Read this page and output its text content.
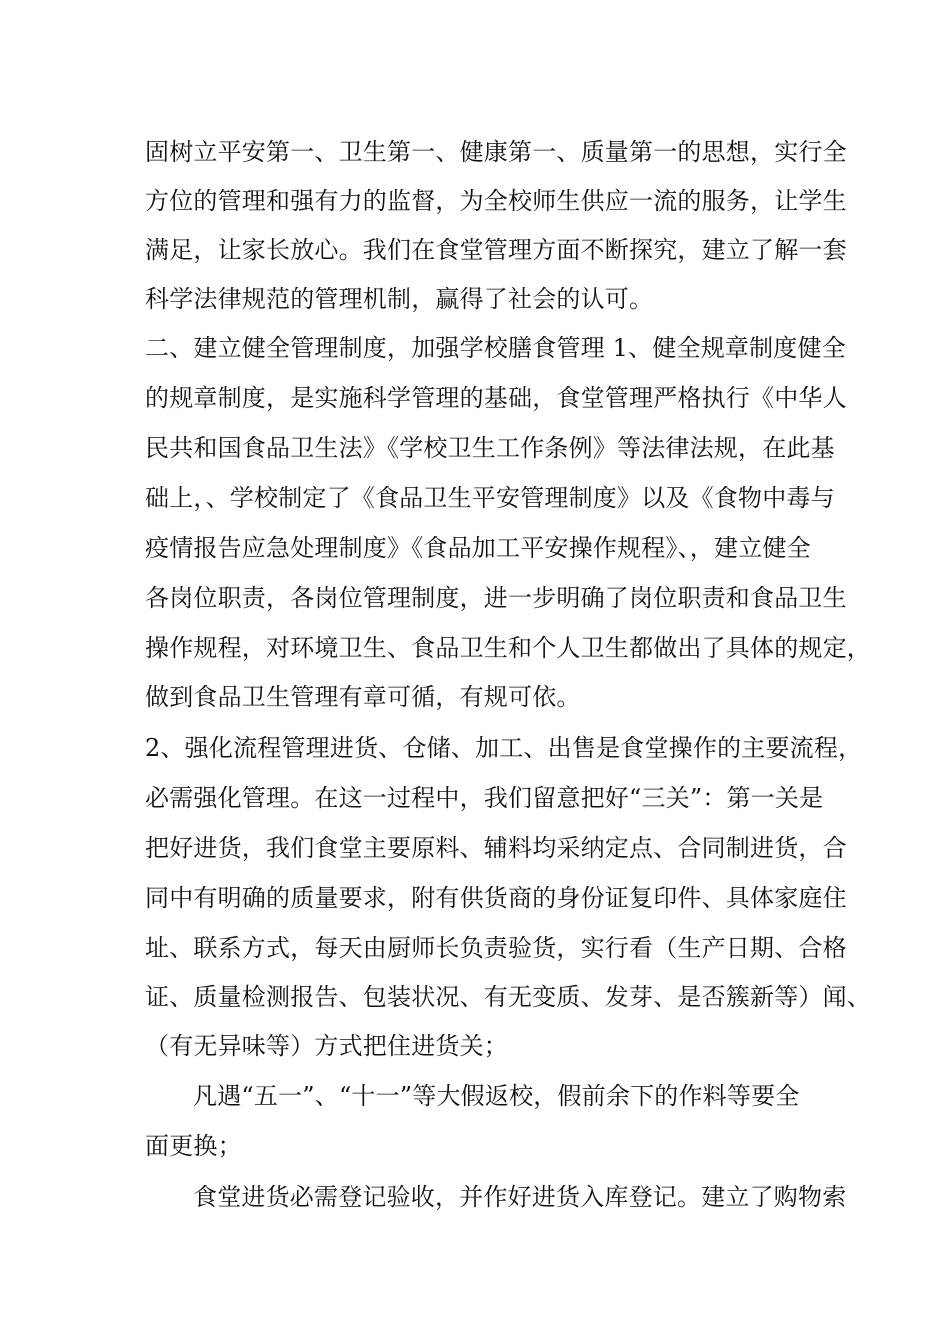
固树立平安第一、卫生第一、健康第一、质量第一的思想，实行全
方位的管理和强有力的监督，为全校师生供应一流的服务，让学生
满足，让家长放心。我们在食堂管理方面不断探究，建立了解一套
科学法律规范的管理机制，赢得了社会的认可。
二、建立健全管理制度，加强学校膳食管理 1、健全规章制度健全
的规章制度，是实施科学管理的基础，食堂管理严格执行《中华人
民共和国食品卫生法》《学校卫生工作条例》等法律法规，在此基
础上，、学校制定了《食品卫生平安管理制度》以及《食物中毒与
疫情报告应急处理制度》《食品加工平安操作规程》、，建立健全
各岗位职责，各岗位管理制度，进一步明确了岗位职责和食品卫生
操作规程，对环境卫生、食品卫生和个人卫生都做出了具体的规定，
做到食品卫生管理有章可循，有规可依。
2、强化流程管理进货、仓储、加工、出售是食堂操作的主要流程，
必需强化管理。在这一过程中，我们留意把好“三关”：第一关是
把好进货，我们食堂主要原料、辅料均采纳定点、合同制进货，合
同中有明确的质量要求，附有供货商的身份证复印件、具体家庭住
址、联系方式，每天由厨师长负责验货，实行看（生产日期、合格
证、质量检测报告、包装状况、有无变质、发芽、是否簇新等）闻、
（有无异味等）方式把住进货关；
凡遇“五一”、“十一”等大假返校，假前余下的作料等要全
面更换；
食堂进货必需登记验收，并作好进货入库登记。建立了购物索
